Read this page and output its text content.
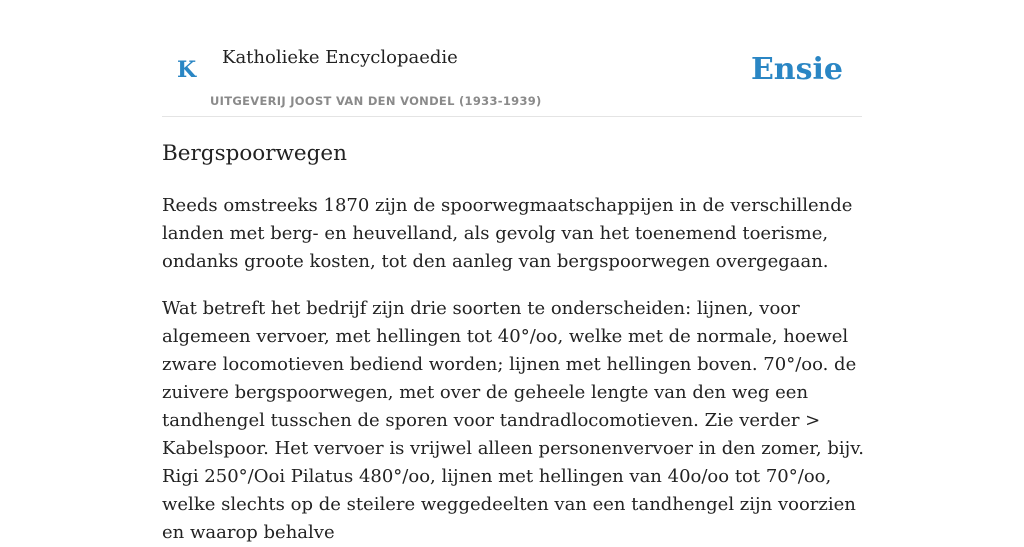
K Katholieke Encyclopaedie
UITGEVERIJ JOOST VAN DEN VONDEL (1933-1939)
Ensie
Bergspoorwegen

Reeds omstreeks 1870 zijn de spoorwegmaatschappijen in de verschillende landen met berg- en heuvelland, als gevolg van het toenemend toerisme, ondanks groote kosten, tot den aanleg van bergspoorwegen overgegaan.

Wat betreft het bedrijf zijn drie soorten te onderscheiden: lijnen, voor algemeen vervoer, met hellingen tot 40°/oo, welke met de normale, hoewel zware locomotieven bediend worden; lijnen met hellingen boven. 70°/oo. de zuivere bergspoorwegen, met over de geheele lengte van den weg een tandhengel tusschen de sporen voor tandradlocomotieven. Zie verder > Kabelspoor. Het vervoer is vrijwel alleen personenvervoer in den zomer, bijv. Rigi 250°/Ooi Pilatus 480°/oo, lijnen met hellingen van 40o/oo tot 70°/oo, welke slechts op de steilere weggedeelten van een tandhengel zijn voorzien en waarop behalve
